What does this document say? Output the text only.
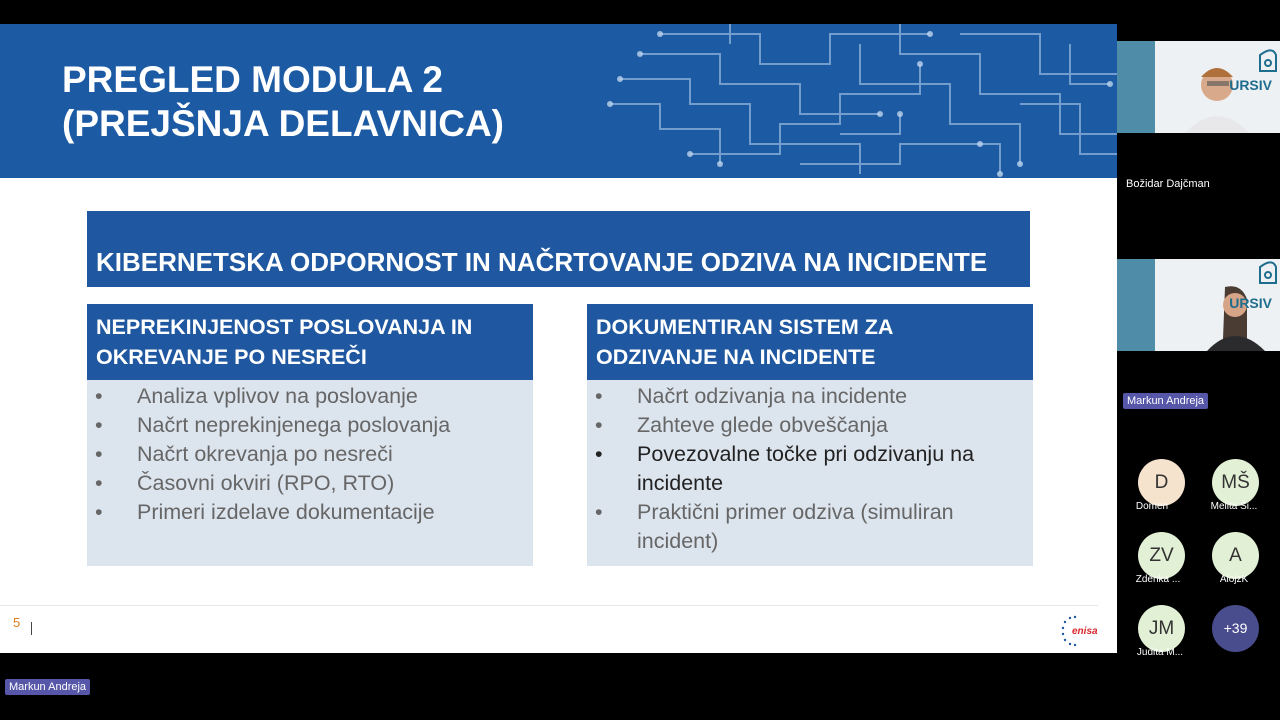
PREGLED MODULA 2
(PREJŠNJA DELAVNICA)
KIBERNETSKA ODPORNOST IN NAČRTOVANJE ODZIVA NA INCIDENTE
NEPREKINJENOST POSLOVANJA IN
OKREVANJE PO NESREČI
• Analiza vplivov na poslovanje
• Načrt neprekinjenega poslovanja
• Načrt okrevanja po nesreči
• Časovni okviri (RPO, RTO)
• Primeri izdelave dokumentacije
DOKUMENTIRAN SISTEM ZA
ODZIVANJE NA INCIDENTE
• Načrt odzivanja na incidente
• Zahteve glede obveščanja
• Povezovalne točke pri odzivanju na incidente
• Praktični primer odziva (simuliran incident)
5
enisa
URSIV
Božidar Dajčman
URSIV
Markun Andreja
D
Domen
MŠ
Melita Ši...
ZV
Zdenka ...
A
AlojzK
JM
Judita M...
+39
Markun Andreja
